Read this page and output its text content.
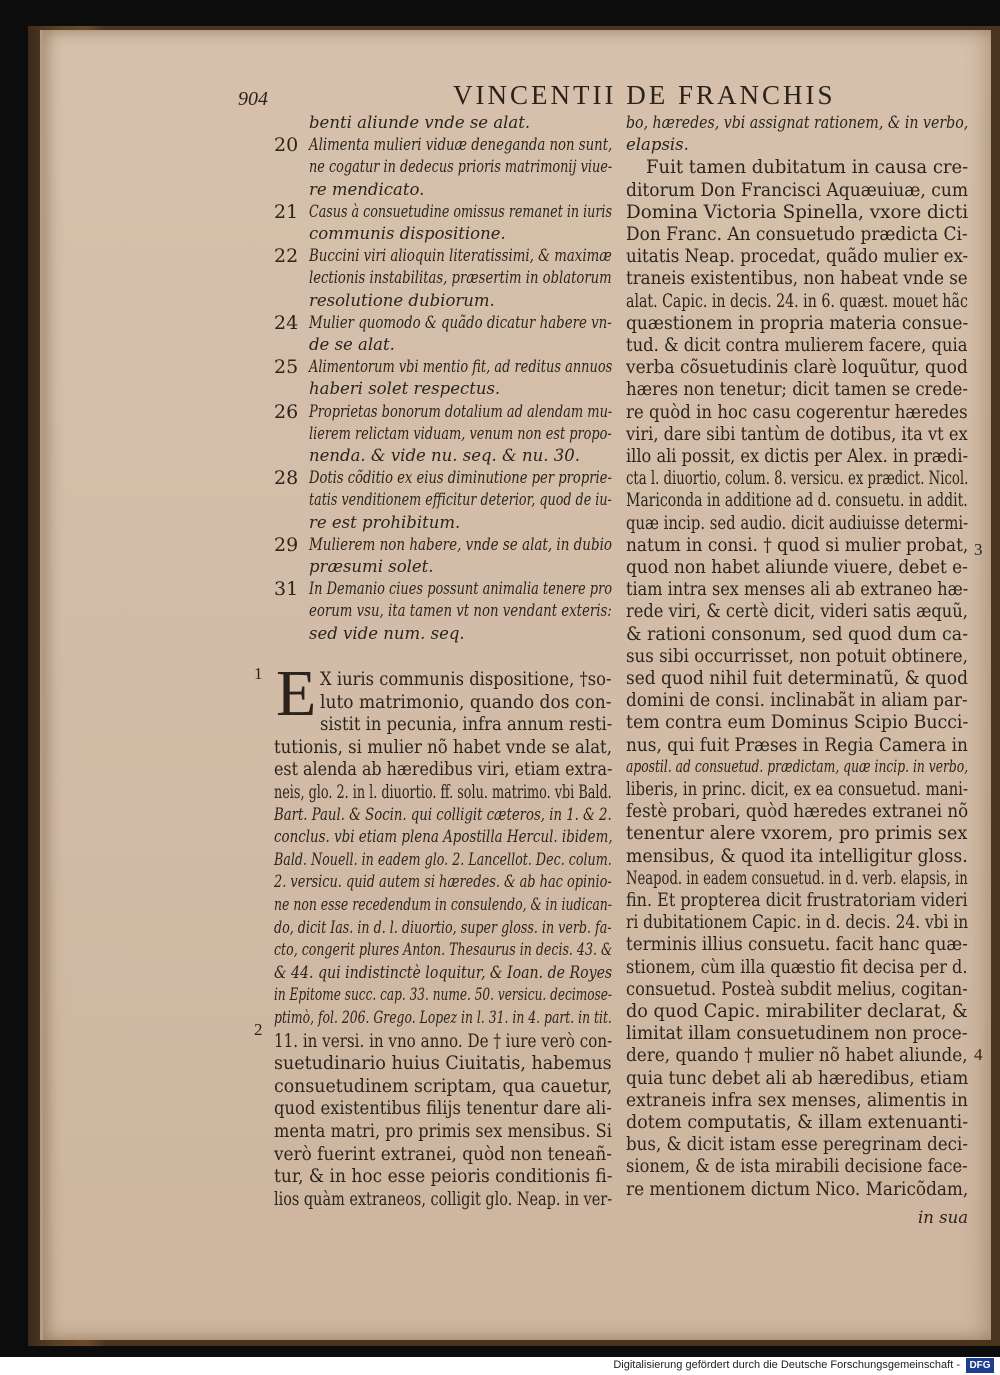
904	VINCENTII DE FRANCHIS
benti aliunde vnde se alat.
20 Alimenta mulieri viduæ deneganda non sunt,
ne cogatur in dedecus prioris matrimonij viue-
re mendicato.
21 Casus à consuetudine omissus remanet in iuris
communis dispositione.
22 Buccini viri alioquin literatissimi, & maximæ
lectionis instabilitas, præsertim in oblatorum
resolutione dubiorum.
24 Mulier quomodo & quãdo dicatur habere vn-
de se alat.
25 Alimentorum vbi mentio fit, ad reditus annuos
haberi solet respectus.
26 Proprietas bonorum dotalium ad alendam mu-
lierem relictam viduam, venum non est propo-
nenda. & vide nu. seq. & nu. 30.
28 Dotis cõditio ex eius diminutione per proprie-
tatis venditionem efficitur deterior, quod de iu-
re est prohibitum.
29 Mulierem non habere, vnde se alat, in dubio
præsumi solet.
31 In Demanio ciues possunt animalia tenere pro
eorum vsu, ita tamen vt non vendant exteris:
sed vide num. seq.
E X iuris communis dispositione, †so-
luto matrimonio, quando dos con-
sistit in pecunia, infra annum resti-
tutionis, si mulier nõ habet vnde se alat,
est alenda ab hæredibus viri, etiam extra-
neis, glo. 2. in l. diuortio. ff. solu. matrimo. vbi Bald.
Bart. Paul. & Socin. qui colligit cæteros, in 1. & 2.
conclus. vbi etiam plena Apostilla Hercul. ibidem,
Bald. Nouell. in eadem glo. 2. Lancellot. Dec. colum.
2. versicu. quid autem si hæredes. & ab hac opinio-
ne non esse recedendum in consulendo, & in iudican-
do, dicit Ias. in d. l. diuortio, super gloss. in verb. fa-
cto, congerit plures Anton. Thesaurus in decis. 43. &
& 44. qui indistinctè loquitur, & Ioan. de Royes
in Epitome succ. cap. 33. nume. 50. versicu. decimose-
ptimò, fol. 206. Grego. Lopez in l. 31. in 4. part. in tit.
11. in versi. in vno anno. De † iure verò con-
suetudinario huius Ciuitatis, habemus
consuetudinem scriptam, qua cauetur,
quod existentibus filijs tenentur dare ali-
menta matri, pro primis sex mensibus. Si
verò fuerint extranei, quòd non teneañ-
tur, & in hoc esse peioris conditionis fi-
lios quàm extraneos, colligit glo. Neap. in ver-
bo, hæredes, vbi assignat rationem, & in verbo,
elapsis.
Fuit tamen dubitatum in causa cre-
ditorum Don Francisci Aquæuiuæ, cum
Domina Victoria Spinella, vxore dicti
Don Franc. An consuetudo prædicta Ci-
uitatis Neap. procedat, quãdo mulier ex-
traneis existentibus, non habeat vnde se
alat. Capic. in decis. 24. in 6. quæst. mouet hãc
quæstionem in propria materia consue-
tud. & dicit contra mulierem facere, quia
verba cõsuetudinis clarè loquũtur, quod
hæres non tenetur; dicit tamen se crede-
re quòd in hoc casu cogerentur hæredes
viri, dare sibi tantùm de dotibus, ita vt ex
illo ali possit, ex dictis per Alex. in prædi-
cta l. diuortio, colum. 8. versicu. ex prædict. Nicol.
Mariconda in additione ad d. consuetu. in addit.
quæ incip. sed audio. dicit audiuisse determi-
natum in consi. † quod si mulier probat,
quod non habet aliunde viuere, debet e-
tiam intra sex menses ali ab extraneo hæ-
rede viri, & certè dicit, videri satis æquũ,
& rationi consonum, sed quod dum ca-
sus sibi occurrisset, non potuit obtinere,
sed quod nihil fuit determinatũ, & quod
domini de consi. inclinabãt in aliam par-
tem contra eum Dominus Scipio Bucci-
nus, qui fuit Præses in Regia Camera in
apostil. ad consuetud. prædictam, quæ incip. in verbo,
liberis, in princ. dicit, ex ea consuetud. mani-
festè probari, quòd hæredes extranei nõ
tenentur alere vxorem, pro primis sex
mensibus, & quod ita intelligitur gloss.
Neapod. in eadem consuetud. in d. verb. elapsis, in
fin. Et propterea dicit frustratoriam videri
ri dubitationem Capic. in d. decis. 24. vbi in
terminis illius consuetu. facit hanc quæ-
stionem, cùm illa quæstio fit decisa per d.
consuetud. Posteà subdit melius, cogitan-
do quod Capic. mirabiliter declarat, &
limitat illam consuetudinem non proce-
dere, quando † mulier nõ habet aliunde,
quia tunc debet ali ab hæredibus, etiam
extraneis infra sex menses, alimentis in
dotem computatis, & illam extenuanti-
bus, & dicit istam esse peregrinam deci-
sionem, & de ista mirabili decisione face-
re mentionem dictum Nico. Maricõdam,
1
2
3
4
in sua
Digitalisierung gefördert durch die Deutsche Forschungsgemeinschaft - DFG
